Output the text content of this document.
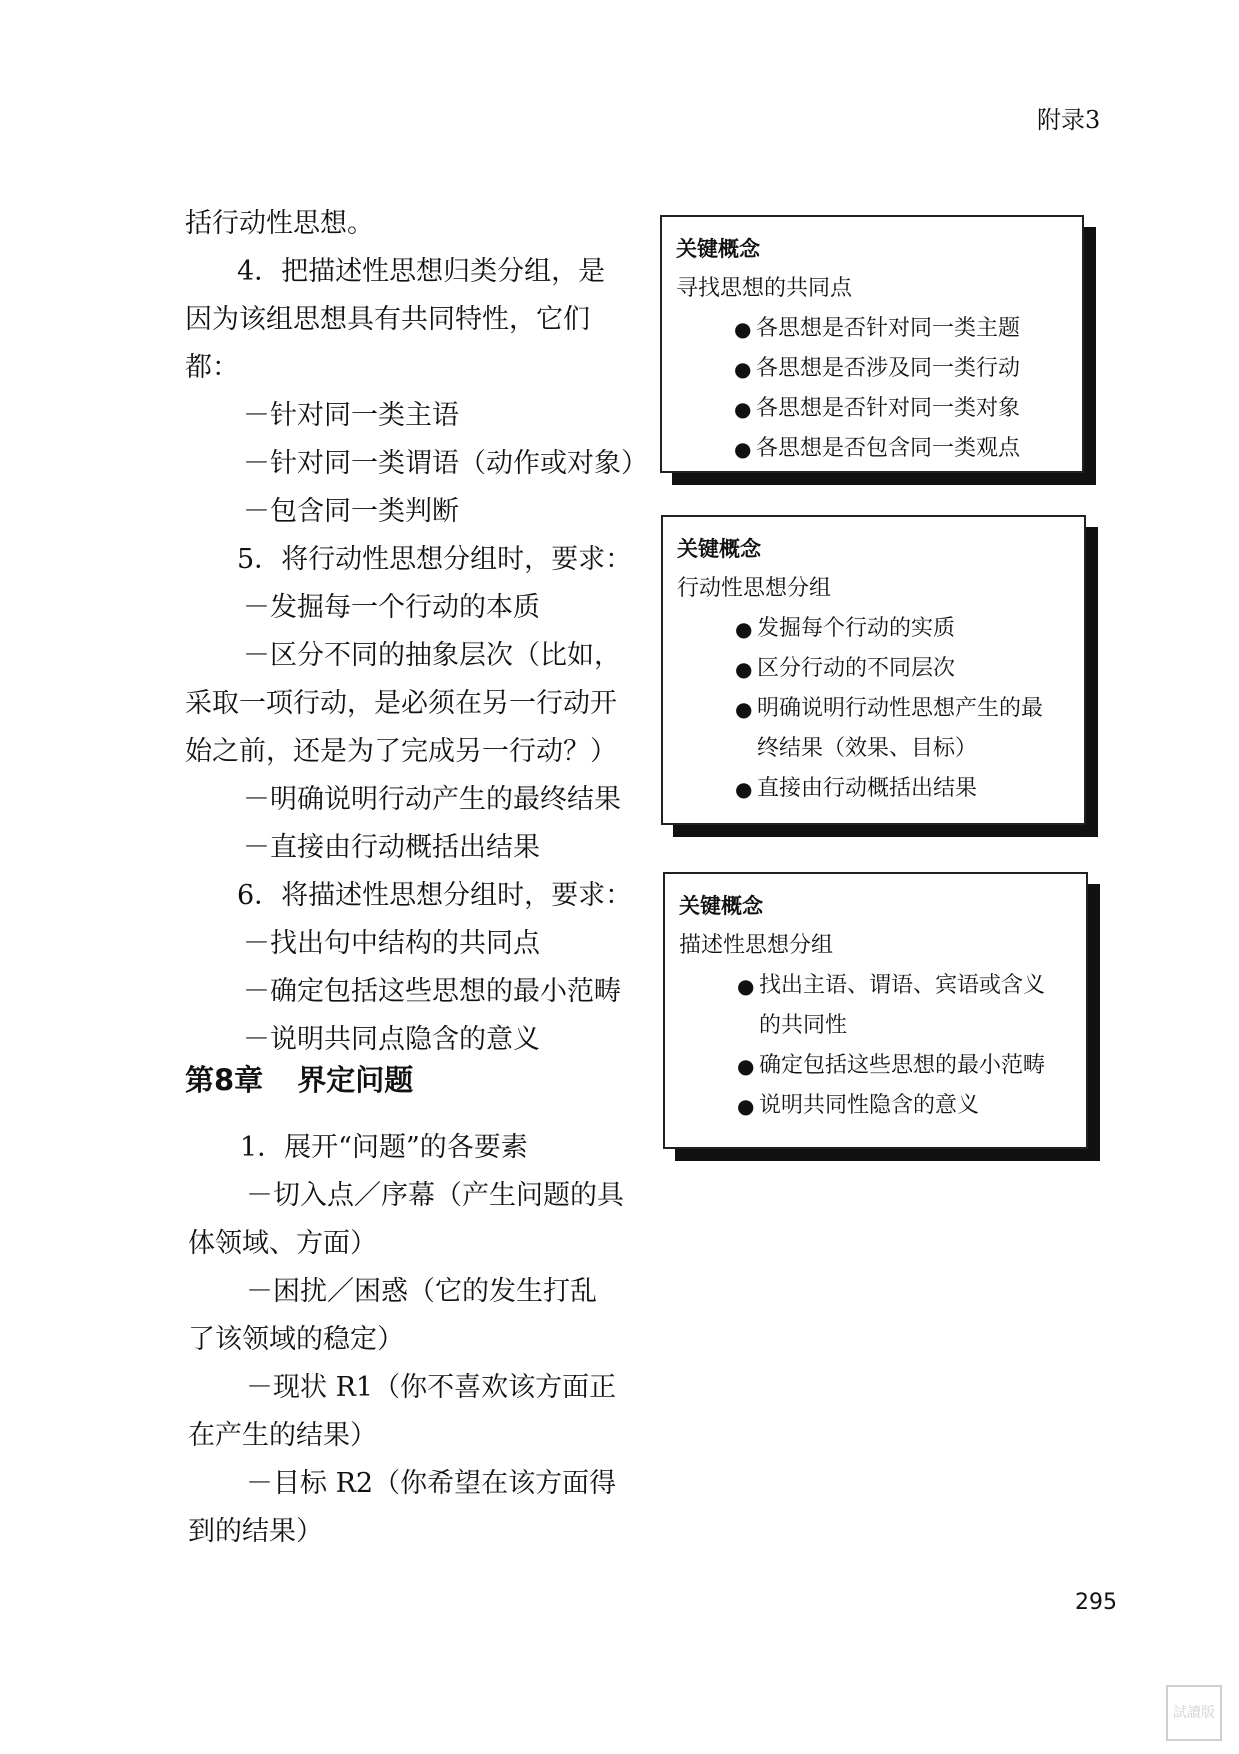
附录3

括行动性思想。

4．把描述性思想归类分组，是

因为该组思想具有共同特性，它们都：

－针对同一类主语

－针对同一类谓语（动作或对象）

－包含同一类判断

5．将行动性思想分组时，要求：

－发掘每一个行动的本质

－区分不同的抽象层次（比如，

采取一项行动，是必须在另一行动开

始之前，还是为了完成另一行动？）

－明确说明行动产生的最终结果

－直接由行动概括出结果

6．将描述性思想分组时，要求：

－找出句中结构的共同点

－确定包括这些思想的最小范畴

－说明共同点隐含的意义

第8章 界定问题

1．展开“问题”的各要素

－切入点／序幕（产生问题的具

体领域、方面）

－困扰／困惑（它的发生打乱

了该领域的稳定）

－现状 R1（你不喜欢该方面正

在产生的结果）

－目标 R2（你希望在该方面得

到的结果）

关键概念

寻找思想的共同点

● 各思想是否针对同一类主题
● 各思想是否涉及同一类行动
● 各思想是否针对同一类对象
● 各思想是否包含同一类观点

关键概念

行动性思想分组

● 发掘每个行动的实质
● 区分行动的不同层次
● 明确说明行动性思想产生的最终结果（效果、目标）
● 直接由行动概括出结果

关键概念

描述性思想分组

● 找出主语、谓语、宾语或含义的共同性
● 确定包括这些思想的最小范畴
● 说明共同性隐含的意义
295
試讀版
